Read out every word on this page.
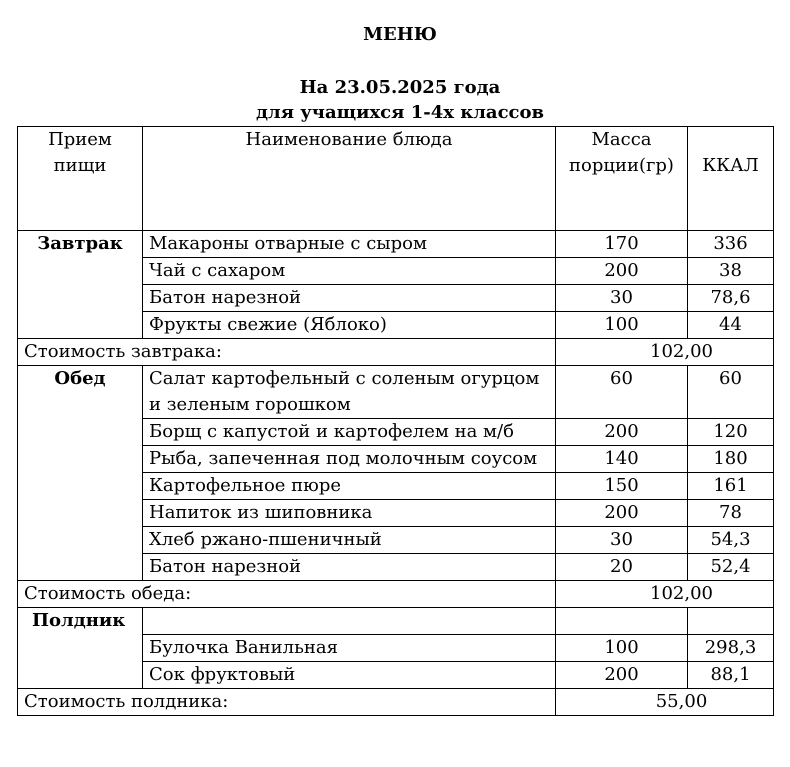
МЕНЮ
На 23.05.2025 года
для учащихся 1-4х классов
Прием пищи	Наименование блюда	Масса порции(гр)	ККАЛ
Завтрак	Макароны отварные с сыром	170	336
	Чай с сахаром	200	38
	Батон нарезной	30	78,6
	Фрукты свежие (Яблоко)	100	44
Стоимость завтрака:		102,00	
Обед	Салат картофельный с соленым огурцом и зеленым горошком	60	60
	Борщ с капустой и картофелем на м/б	200	120
	Рыба, запеченная под молочным соусом	140	180
	Картофельное пюре	150	161
	Напиток из шиповника	200	78
	Хлеб ржано-пшеничный	30	54,3
	Батон нарезной	20	52,4
Стоимость обеда:		102,00	
Полдник			
	Булочка Ванильная	100	298,3
	Сок фруктовый	200	88,1
Стоимость полдника:		55,00	
